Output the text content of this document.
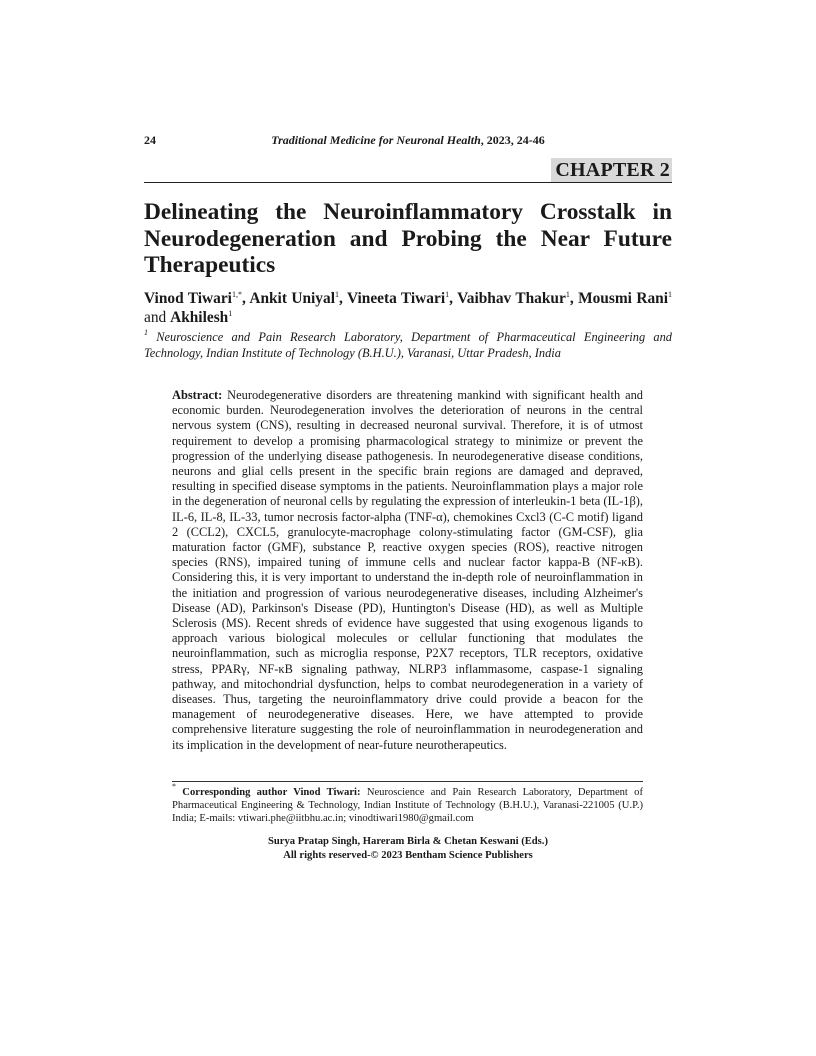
24	Traditional Medicine for Neuronal Health, 2023, 24-46
CHAPTER 2
Delineating the Neuroinflammatory Crosstalk in Neurodegeneration and Probing the Near Future Therapeutics

Vinod Tiwari$^{1,*}$, Ankit Uniyal$^1$, Vineeta Tiwari$^1$, Vaibhav Thakur$^1$, Mousmi Rani$^1$ and Akhilesh$^1$

$^1$ Neuroscience and Pain Research Laboratory, Department of Pharmaceutical Engineering and Technology, Indian Institute of Technology (B.H.U.), Varanasi, Uttar Pradesh, India

Abstract: Neurodegenerative disorders are threatening mankind with significant health and economic burden. Neurodegeneration involves the deterioration of neurons in the central nervous system (CNS), resulting in decreased neuronal survival. Therefore, it is of utmost requirement to develop a promising pharmacological strategy to minimize or prevent the progression of the underlying disease pathogenesis. In neurodegenerative disease conditions, neurons and glial cells present in the specific brain regions are damaged and depraved, resulting in specified disease symptoms in the patients. Neuroinflammation plays a major role in the degeneration of neuronal cells by regulating the expression of interleukin-1 beta (IL-1β), IL-6, IL-8, IL-33, tumor necrosis factor-alpha (TNF-α), chemokines Cxcl3 (C-C motif) ligand 2 (CCL2), CXCL5, granulocyte-macrophage colony-stimulating factor (GM-CSF), glia maturation factor (GMF), substance P, reactive oxygen species (ROS), reactive nitrogen species (RNS), impaired tuning of immune cells and nuclear factor kappa-B (NF-κB). Considering this, it is very important to understand the in-depth role of neuroinflammation in the initiation and progression of various neurodegenerative diseases, including Alzheimer's Disease (AD), Parkinson's Disease (PD), Huntington's Disease (HD), as well as Multiple Sclerosis (MS). Recent shreds of evidence have suggested that using exogenous ligands to approach various biological molecules or cellular functioning that modulates the neuroinflammation, such as microglia response, P2X7 receptors, TLR receptors, oxidative stress, PPARγ, NF-κB signaling pathway, NLRP3 inflammasome, caspase-1 signaling pathway, and mitochondrial dysfunction, helps to combat neurodegeneration in a variety of diseases. Thus, targeting the neuroinflammatory drive could provide a beacon for the management of neurodegenerative diseases. Here, we have attempted to provide comprehensive literature suggesting the role of neuroinflammation in neurodegeneration and its implication in the development of near-future neurotherapeutics.

* Corresponding author Vinod Tiwari: Neuroscience and Pain Research Laboratory, Department of Pharmaceutical Engineering & Technology, Indian Institute of Technology (B.H.U.), Varanasi-221005 (U.P.) India; E-mails: vtiwari.phe@iitbhu.ac.in; vinodtiwari1980@gmail.com

Surya Pratap Singh, Hareram Birla & Chetan Keswani (Eds.)
All rights reserved-© 2023 Bentham Science Publishers
